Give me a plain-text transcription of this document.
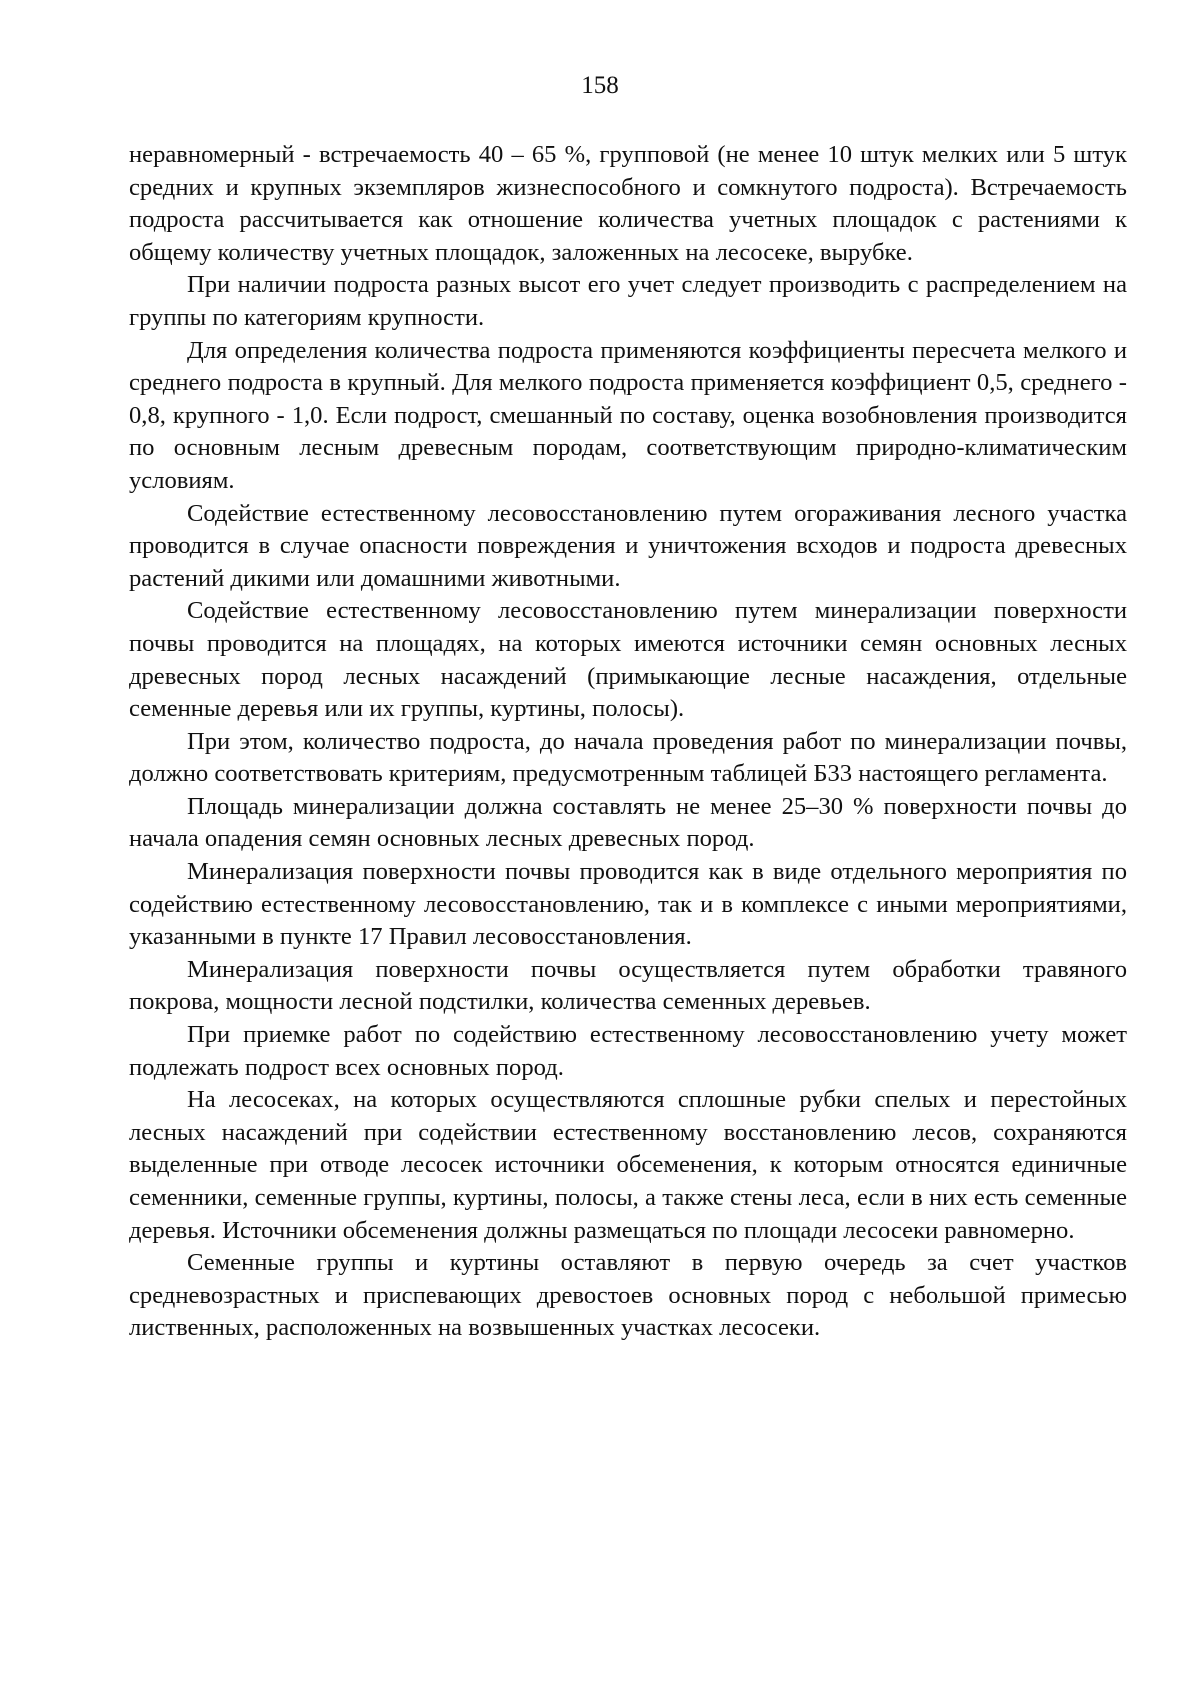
158

неравномерный - встречаемость 40 – 65 %, групповой (не менее 10 штук мелких или 5 штук средних и крупных экземпляров жизнеспособного и сомкнутого подроста). Встречаемость подроста рассчитывается как отношение количества учетных площадок с растениями к общему количеству учетных площадок, заложенных на лесосеке, вырубке.

При наличии подроста разных высот его учет следует производить с распределением на группы по категориям крупности.

Для определения количества подроста применяются коэффициенты пересчета мелкого и среднего подроста в крупный. Для мелкого подроста применяется коэффициент 0,5, среднего - 0,8, крупного - 1,0. Если подрост, смешанный по составу, оценка возобновления производится по основным лесным древесным породам, соответствующим природно-климатическим условиям.

Содействие естественному лесовосстановлению путем огораживания лесного участка проводится в случае опасности повреждения и уничтожения всходов и подроста древесных растений дикими или домашними животными.

Содействие естественному лесовосстановлению путем минерализации поверхности почвы проводится на площадях, на которых имеются источники семян основных лесных древесных пород лесных насаждений (примыкающие лесные насаждения, отдельные семенные деревья или их группы, куртины, полосы).

При этом, количество подроста, до начала проведения работ по минерализации почвы, должно соответствовать критериям, предусмотренным таблицей Б33 настоящего регламента.

Площадь минерализации должна составлять не менее 25–30 % поверхности почвы до начала опадения семян основных лесных древесных пород.

Минерализация поверхности почвы проводится как в виде отдельного мероприятия по содействию естественному лесовосстановлению, так и в комплексе с иными мероприятиями, указанными в пункте 17 Правил лесовосстановления.

Минерализация поверхности почвы осуществляется путем обработки травяного покрова, мощности лесной подстилки, количества семенных деревьев.

При приемке работ по содействию естественному лесовосстановлению учету может подлежать подрост всех основных пород.

На лесосеках, на которых осуществляются сплошные рубки спелых и перестойных лесных насаждений при содействии естественному восстановлению лесов, сохраняются выделенные при отводе лесосек источники обсеменения, к которым относятся единичные семенники, семенные группы, куртины, полосы, а также стены леса, если в них есть семенные деревья. Источники обсеменения должны размещаться по площади лесосеки равномерно.

Семенные группы и куртины оставляют в первую очередь за счет участков средневозрастных и приспевающих древостоев основных пород с небольшой примесью лиственных, расположенных на возвышенных участках лесосеки.
